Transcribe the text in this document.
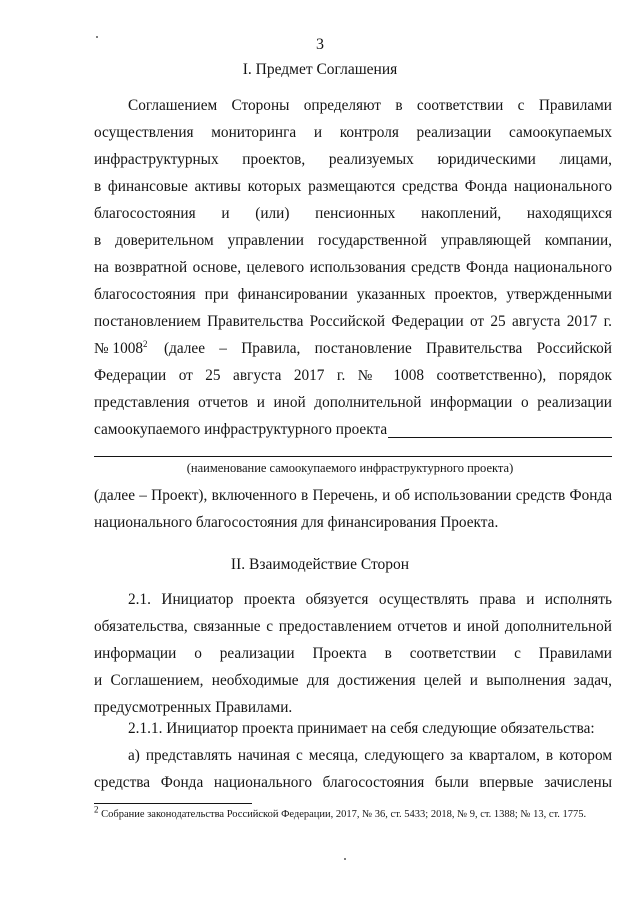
3
I. Предмет Соглашения
Соглашением Стороны определяют в соответствии с Правилами
осуществления мониторинга и контроля реализации самоокупаемых
инфраструктурных проектов, реализуемых юридическими лицами,
в финансовые активы которых размещаются средства Фонда национального
благосостояния и (или) пенсионных накоплений, находящихся
в доверительном управлении государственной управляющей компании,
на возвратной основе, целевого использования средств Фонда национального
благосостояния при финансировании указанных проектов, утвержденными
постановлением Правительства Российской Федерации от 25 августа 2017 г.
№ 1008$^2$	(далее – Правила, постановление Правительства Российской
Федерации от 25 августа 2017 г. № 1008 соответственно), порядок
представления отчетов и иной дополнительной информации о реализации
самоокупаемого инфраструктурного проекта
(наименование самоокупаемого инфраструктурного проекта)
(далее – Проект), включенного в Перечень, и об использовании средств Фонда
национального благосостояния для финансирования Проекта.
II. Взаимодействие Сторон
2.1. Инициатор проекта обязуется осуществлять права и исполнять
обязательства, связанные с предоставлением отчетов и иной дополнительной
информации о реализации Проекта в соответствии с Правилами
и Соглашением, необходимые для достижения целей и выполнения задач,
предусмотренных Правилами.
2.1.1. Инициатор проекта принимает на себя следующие обязательства:
а) представлять начиная с месяца, следующего за кварталом, в котором
средства Фонда национального благосостояния были впервые зачислены
$^2$ Собрание законодательства Российской Федерации, 2017, № 36, ст. 5433; 2018, № 9, ст. 1388; № 13, ст. 1775.
